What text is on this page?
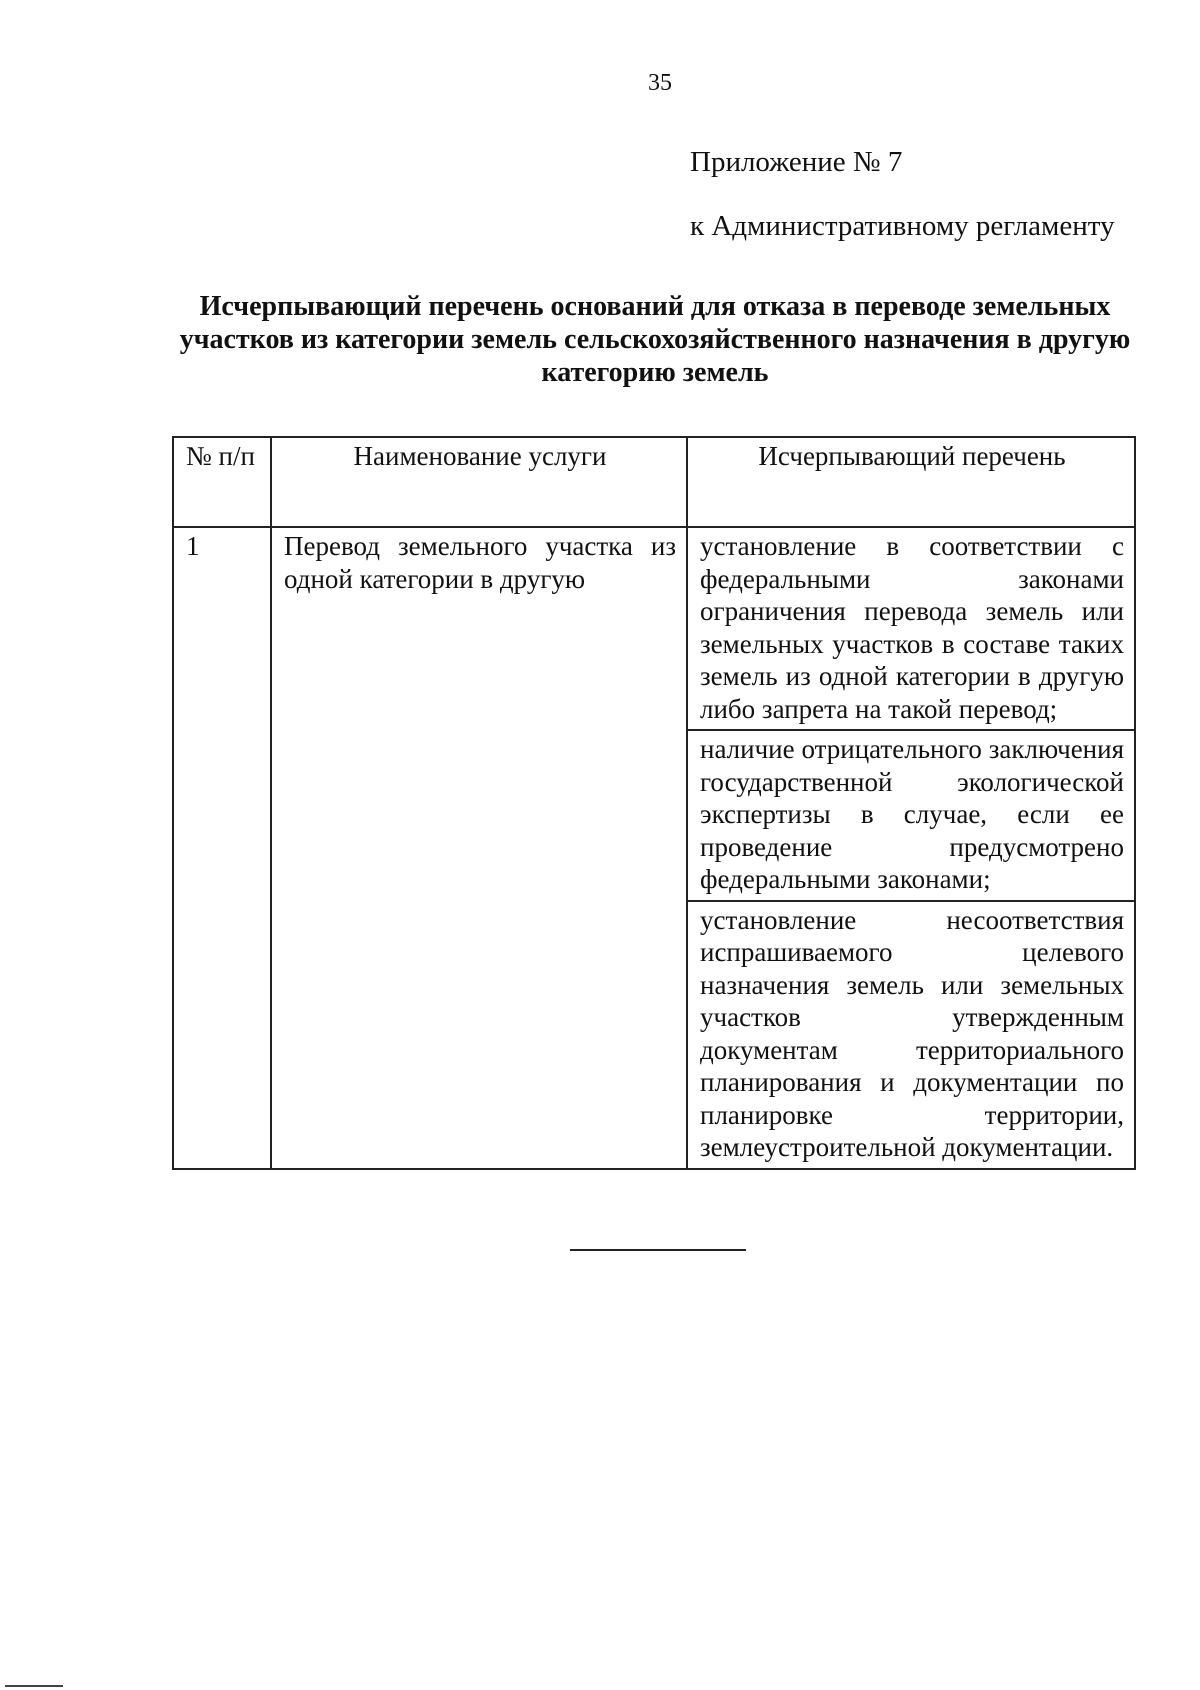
35
Приложение № 7
к Административному регламенту
Исчерпывающий перечень оснований для отказа в переводе земельных участков из категории земель сельскохозяйственного назначения в другую категорию земель
№ п/п	Наименование услуги	Исчерпывающий перечень
1	Перевод земельного участка из одной категории в другую	установление в соответствии с федеральными законами ограничения перевода земель или земельных участков в составе таких земель из одной категории в другую либо запрета на такой перевод;
		наличие отрицательного заключения государственной экологической экспертизы в случае, если ее проведение предусмотрено федеральными законами;
		установление несоответствия испрашиваемого целевого назначения земель или земельных участков утвержденным документам территориального планирования и документации по планировке территории, землеустроительной документации.
